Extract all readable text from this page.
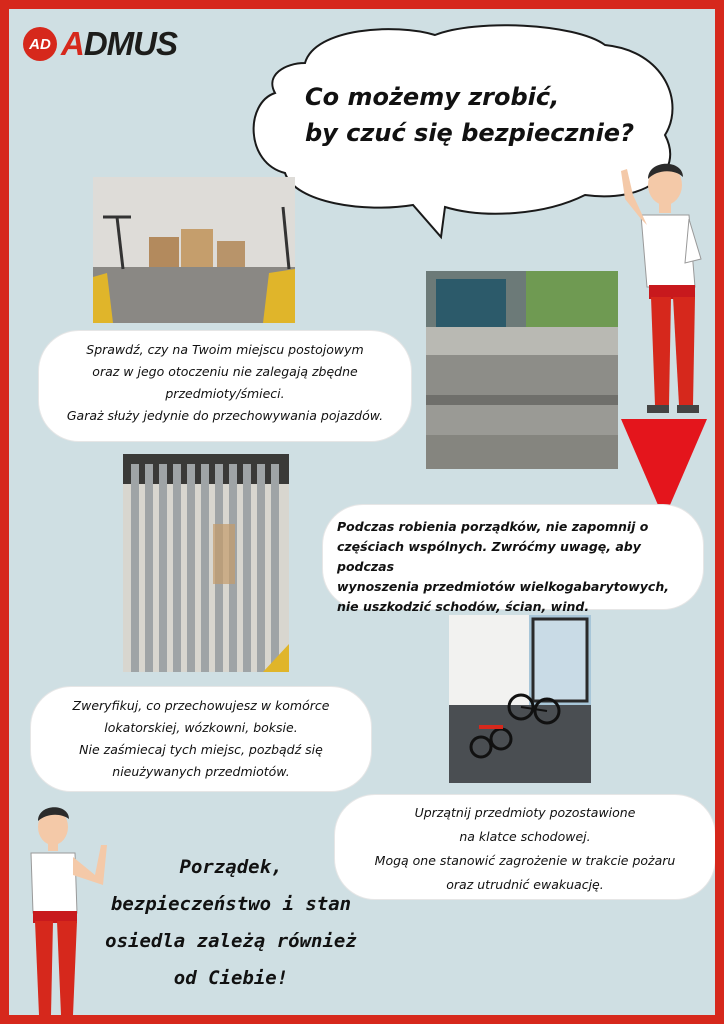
AD ADMUS
Co możemy zrobić,
by czuć się bezpiecznie?

Sprawdź, czy na Twoim miejscu postojowym

oraz w jego otoczeniu nie zalegają zbędne

przedmioty/śmieci.

Garaż służy jedynie do przechowywania pojazdów.

Podczas robienia porządków, nie zapomnij o

częściach wspólnych. Zwróćmy uwagę, aby podczas

wynoszenia przedmiotów wielkogabarytowych,

nie uszkodzić schodów, ścian, wind.

Zweryfikuj, co przechowujesz w komórce

lokatorskiej, wózkowni, boksie.

Nie zaśmiecaj tych miejsc, pozbądź się

nieużywanych przedmiotów.

Uprzątnij przedmioty pozostawione

na klatce schodowej.

Mogą one stanowić zagrożenie w trakcie pożaru

oraz utrudnić ewakuację.

Porządek,
bezpieczeństwo i stan
osiedla zależą również
od Ciebie!
